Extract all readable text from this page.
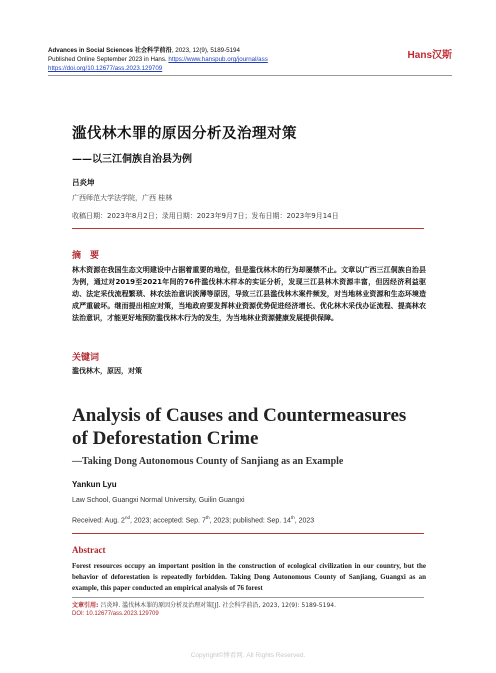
Advances in Social Sciences 社会科学前沿, 2023, 12(9), 5189-5194
Published Online September 2023 in Hans. https://www.hanspub.org/journal/ass
https://doi.org/10.12677/ass.2023.129709
Hans汉斯
滥伐林木罪的原因分析及治理对策
——以三江侗族自治县为例
吕炎坤
广西师范大学法学院，广西 桂林
收稿日期：2023年8月2日；录用日期：2023年9月7日；发布日期：2023年9月14日
摘　要
林木资源在我国生态文明建设中占据着重要的地位，但是滥伐林木的行为却屡禁不止。文章以广西三江侗族自治县为例，通过对2019至2021年间的76件滥伐林木样本的实证分析，发现三江县林木资源丰富，但因经济利益驱动、法定采伐流程繁琐、林农法治意识淡薄等原因，导致三江县滥伐林木案件频发，对当地林业资源和生态环境造成严重破坏。继而提出相应对策，当地政府要发挥林业资源优势促进经济增长、优化林木采伐办证流程、提高林农法治意识，才能更好地预防滥伐林木行为的发生，为当地林业资源健康发展提供保障。
关键词
滥伐林木，原因，对策
Analysis of Causes and Countermeasures of Deforestation Crime
—Taking Dong Autonomous County of Sanjiang as an Example
Yankun Lyu
Law School, Guangxi Normal University, Guilin Guangxi
Received: Aug. 2nd, 2023; accepted: Sep. 7th, 2023; published: Sep. 14th, 2023
Abstract
Forest resources occupy an important position in the construction of ecological civilization in our country, but the behavior of deforestation is repeatedly forbidden. Taking Dong Autonomous County of Sanjiang, Guangxi as an example, this paper conducted an empirical analysis of 76 forest
文章引用: 吕炎坤. 滥伐林木罪的原因分析及治理对策[J]. 社会科学前沿, 2023, 12(9): 5189-5194.
DOI: 10.12677/ass.2023.129709
Copyright©博看网. All Rights Reserved.
